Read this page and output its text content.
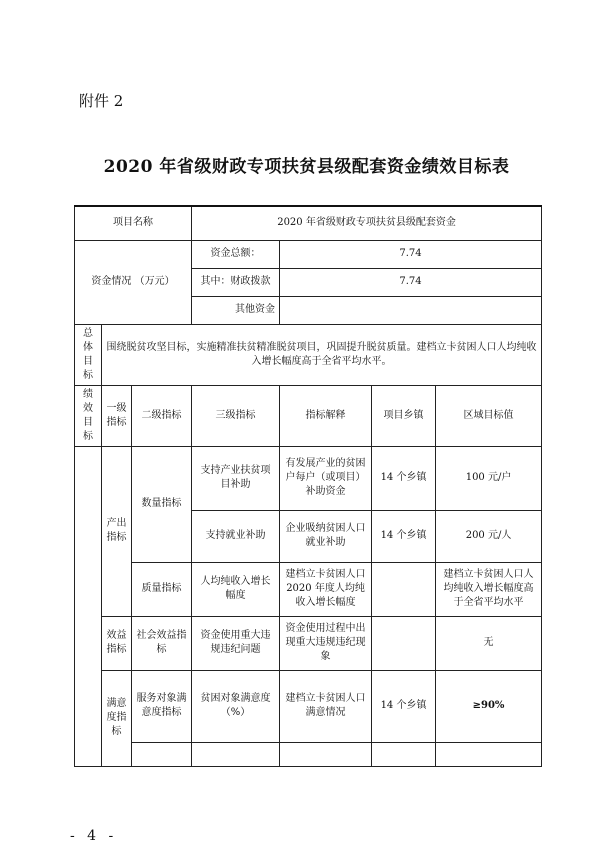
附件 2
2020 年省级财政专项扶贫县级配套资金绩效目标表
项目名称			2020 年省级财政专项扶贫县级配套资金			
资金情况 （万元）			资金总额：	7.74		
			其中：财政拨款	7.74		
			其他资金			
总体目标	围绕脱贫攻坚目标，实施精准扶贫精准脱贫项目，巩固提升脱贫质量。建档立卡贫困人口人均纯收入增长幅度高于全省平均水平。					
绩效目标	一级指标	二级指标	三级指标	指标解释	项目乡镇	区域目标值
	产出指标	数量指标	支持产业扶贫项目补助	有发展产业的贫困户每户（或项目）补助资金	14 个乡镇	100 元/户
			支持就业补助	企业吸纳贫困人口就业补助	14 个乡镇	200 元/人
		质量指标	人均纯收入增长幅度	建档立卡贫困人口 2020 年度人均纯收入增长幅度		建档立卡贫困人口人均纯收入增长幅度高于全省平均水平
	效益指标	社会效益指标	资金使用重大违规违纪问题	资金使用过程中出现重大违规违纪现象		无
	满意度指标	服务对象满意度指标	贫困对象满意度（%）	建档立卡贫困人口满意情况	14 个乡镇	≥90%

- 4 -
